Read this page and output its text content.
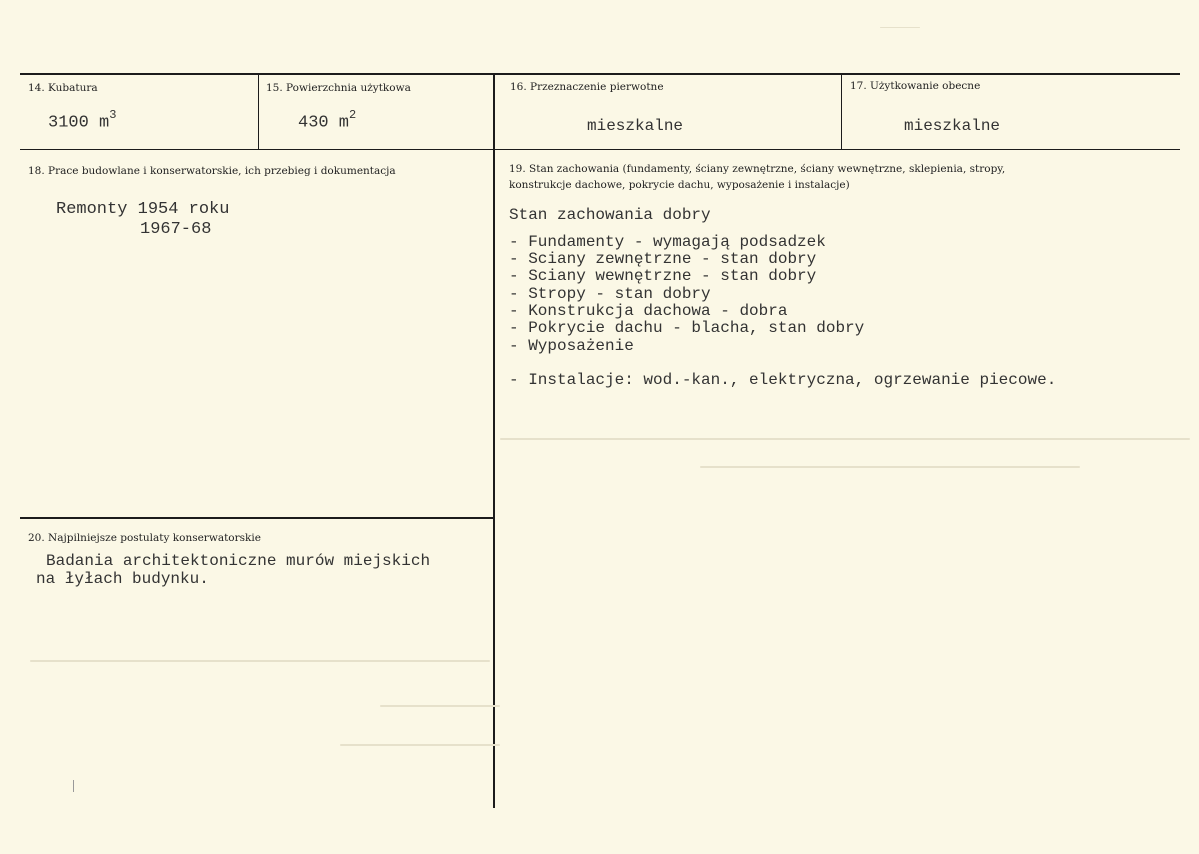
14. Kubatura
3100 $m^3$
15. Powierzchnia użytkowa
430 $m^2$
16. Przeznaczenie pierwotne
mieszkalne
17. Użytkowanie obecne
mieszkalne
18. Prace budowlane i konserwatorskie, ich przebieg i dokumentacja
Remonty 1954 roku
1967-68
19. Stan zachowania (fundamenty, ściany zewnętrzne, ściany wewnętrzne, sklepienia, stropy,
konstrukcje dachowe, pokrycie dachu, wyposażenie i instalacje)
Stan zachowania dobry
- Fundamenty - wymagają podsadzek
- Sciany zewnętrzne - stan dobry
- Sciany wewnętrzne - stan dobry
- Stropy - stan dobry
- Konstrukcja dachowa - dobra
- Pokrycie dachu - blacha, stan dobry
- Wyposażenie
- Instalacje: wod.-kan., elektryczna, ogrzewanie piecowe.
20. Najpilniejsze postulaty konserwatorskie
Badania architektoniczne murów miejskich
na łyłach budynku.
